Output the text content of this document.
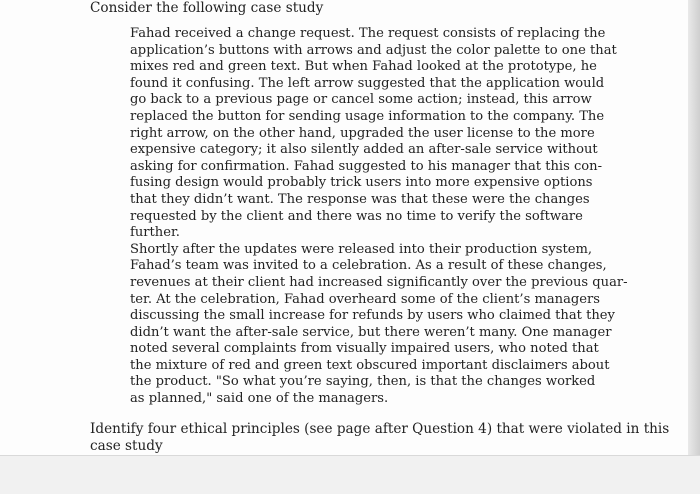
Consider the following case study

Fahad received a change request. The request consists of replacing the
application’s buttons with arrows and adjust the color palette to one that
mixes red and green text. But when Fahad looked at the prototype, he
found it confusing. The left arrow suggested that the application would
go back to a previous page or cancel some action; instead, this arrow
replaced the button for sending usage information to the company. The
right arrow, on the other hand, upgraded the user license to the more
expensive category; it also silently added an after-sale service without
asking for confirmation. Fahad suggested to his manager that this con-
fusing design would probably trick users into more expensive options
that they didn’t want. The response was that these were the changes
requested by the client and there was no time to verify the software
further.

Shortly after the updates were released into their production system,
Fahad’s team was invited to a celebration. As a result of these changes,
revenues at their client had increased significantly over the previous quar-
ter. At the celebration, Fahad overheard some of the client’s managers
discussing the small increase for refunds by users who claimed that they
didn’t want the after-sale service, but there weren’t many. One manager
noted several complaints from visually impaired users, who noted that
the mixture of red and green text obscured important disclaimers about
the product. "So what you’re saying, then, is that the changes worked
as planned," said one of the managers.

Identify four ethical principles (see page after Question 4) that were violated in this
case study
